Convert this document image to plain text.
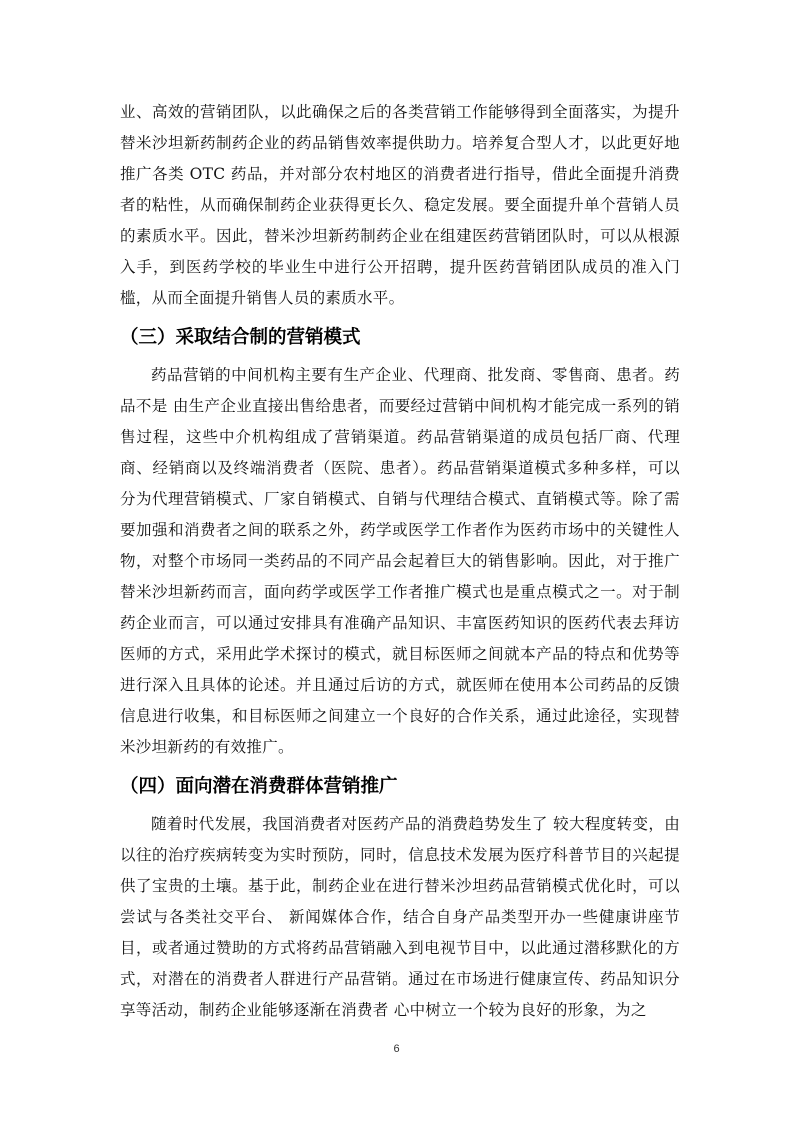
业、高效的营销团队，以此确保之后的各类营销工作能够得到全面落实，为提升替米沙坦新药制药企业的药品销售效率提供助力。培养复合型人才，以此更好地推广各类 OTC 药品，并对部分农村地区的消费者进行指导，借此全面提升消费者的粘性，从而确保制药企业获得更长久、稳定发展。要全面提升单个营销人员的素质水平。因此，替米沙坦新药制药企业在组建医药营销团队时，可以从根源入手，到医药学校的毕业生中进行公开招聘，提升医药营销团队成员的准入门槛，从而全面提升销售人员的素质水平。

（三）采取结合制的营销模式

药品营销的中间机构主要有生产企业、代理商、批发商、零售商、患者。药品不是 由生产企业直接出售给患者，而要经过营销中间机构才能完成一系列的销售过程，这些中介机构组成了营销渠道。药品营销渠道的成员包括厂商、代理商、经销商以及终端消费者（医院、患者）。药品营销渠道模式多种多样，可以分为代理营销模式、厂家自销模式、自销与代理结合模式、直销模式等。除了需要加强和消费者之间的联系之外，药学或医学工作者作为医药市场中的关键性人物，对整个市场同一类药品的不同产品会起着巨大的销售影响。因此，对于推广替米沙坦新药而言，面向药学或医学工作者推广模式也是重点模式之一。对于制药企业而言，可以通过安排具有准确产品知识、丰富医药知识的医药代表去拜访医师的方式，采用此学术探讨的模式，就目标医师之间就本产品的特点和优势等进行深入且具体的论述。并且通过后访的方式，就医师在使用本公司药品的反馈信息进行收集，和目标医师之间建立一个良好的合作关系，通过此途径，实现替米沙坦新药的有效推广。

（四）面向潜在消费群体营销推广

随着时代发展，我国消费者对医药产品的消费趋势发生了 较大程度转变，由以往的治疗疾病转变为实时预防，同时，信息技术发展为医疗科普节目的兴起提供了宝贵的土壤。基于此，制药企业在进行替米沙坦药品营销模式优化时，可以尝试与各类社交平台、 新闻媒体合作，结合自身产品类型开办一些健康讲座节目，或者通过赞助的方式将药品营销融入到电视节目中，以此通过潜移默化的方式，对潜在的消费者人群进行产品营销。通过在市场进行健康宣传、药品知识分享等活动，制药企业能够逐渐在消费者 心中树立一个较为良好的形象，为之

6
